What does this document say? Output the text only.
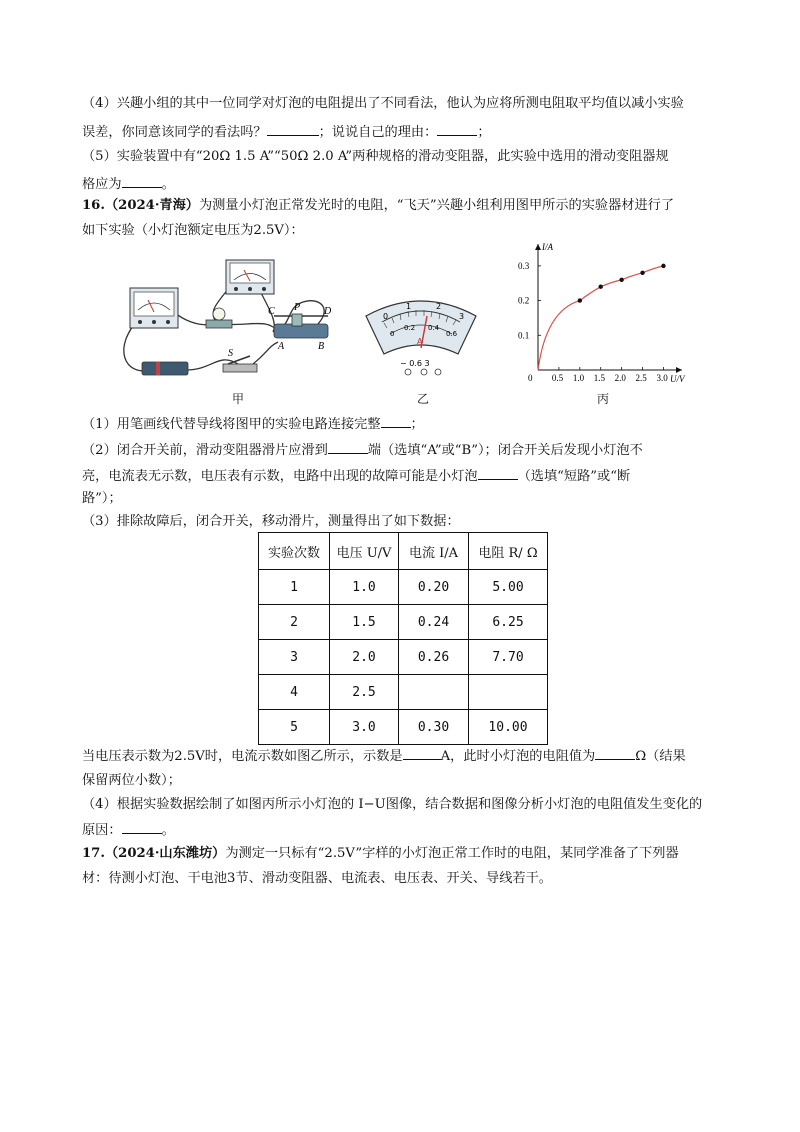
（4）兴趣小组的其中一位同学对灯泡的电阻提出了不同看法，他认为应将所测电阻取平均值以减小实验
误差，你同意该同学的看法吗？	；说说自己的理由：	；
（5）实验装置中有“20Ω 1.5 A”“50Ω 2.0 A”两种规格的滑动变阻器，此实验中选用的滑动变阻器规
格应为	。
16.（2024·青海）为测量小灯泡正常发光时的电阻，“飞天”兴趣小组利用图甲所示的实验器材进行了
如下实验（小灯泡额定电压为2.5V）：
C P D
A	B
S
0
1	2
3
0
0.2 0.4
0.6
A
− 0.6 3
0 0.5 1.0 1.5 2.0 2.5 3.0
0.1
0.2
0.3
U/V
I/A
甲	乙	丙
（1）用笔画线代替导线将图甲的实验电路连接完整 ；
（2）闭合开关前，滑动变阻器滑片应滑到	端（选填“A”或“B”）；闭合开关后发现小灯泡不
亮，电流表无示数，电压表有示数，电路中出现的故障可能是小灯泡	（选填“短路”或“断
路”）；
（3）排除故障后，闭合开关，移动滑片，测量得出了如下数据：
实验次数	电压 U/V	电流 I/A	电阻 R/ Ω
1	1.0	0.20	5.00
2	1.5	0.24	6.25
3	2.0	0.26	7.70
4	2.5		
5	3.0	0.30	10.00
当电压表示数为2.5V时，电流示数如图乙所示，示数是	A，此时小灯泡的电阻值为	Ω（结果
保留两位小数）；
（4）根据实验数据绘制了如图丙所示小灯泡的 I−U图像，结合数据和图像分析小灯泡的电阻值发生变化的
原因：	。
17.（2024·山东潍坊）为测定一只标有“2.5V”字样的小灯泡正常工作时的电阻，某同学准备了下列器
材：待测小灯泡、干电池3节、滑动变阻器、电流表、电压表、开关、导线若干。
